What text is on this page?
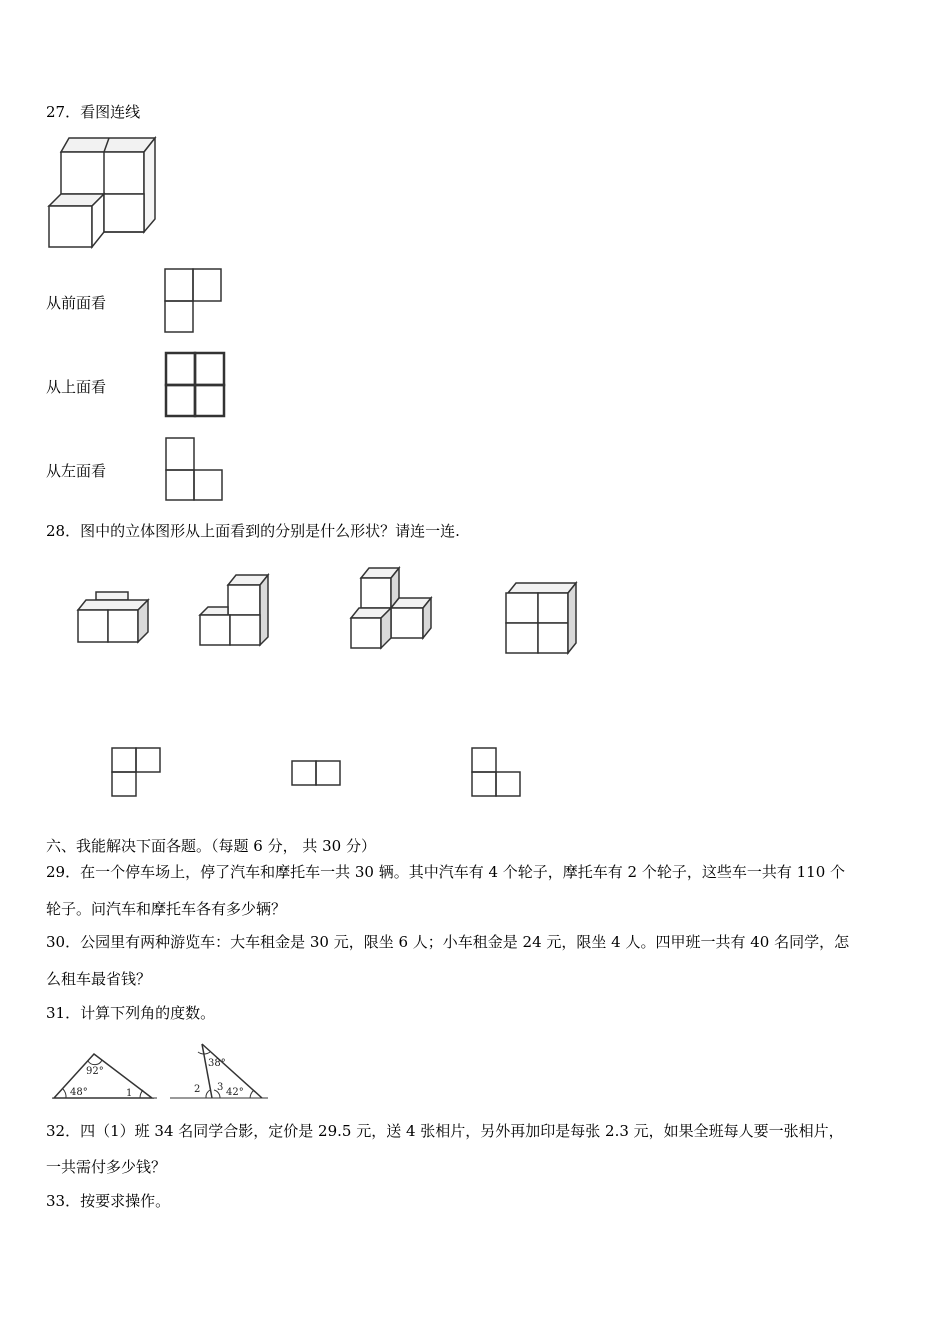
27．看图连线
从前面看
从上面看
从左面看
28．图中的立体图形从上面看到的分别是什么形状？请连一连.
六、我能解决下面各题。（每题 6 分， 共 30 分）
29．在一个停车场上，停了汽车和摩托车一共 30 辆。其中汽车有 4 个轮子，摩托车有 2 个轮子，这些车一共有 110 个
轮子。问汽车和摩托车各有多少辆？
30．公园里有两种游览车：大车租金是 30 元，限坐 6 人；小车租金是 24 元，限坐 4 人。四甲班一共有 40 名同学，怎
么租车最省钱？
31．计算下列角的度数。
92°
48°	1
38°
2 3 42°
32．四（1）班 34 名同学合影，定价是 29.5 元，送 4 张相片，另外再加印是每张 2.3 元，如果全班每人要一张相片，
一共需付多少钱？
33．按要求操作。
